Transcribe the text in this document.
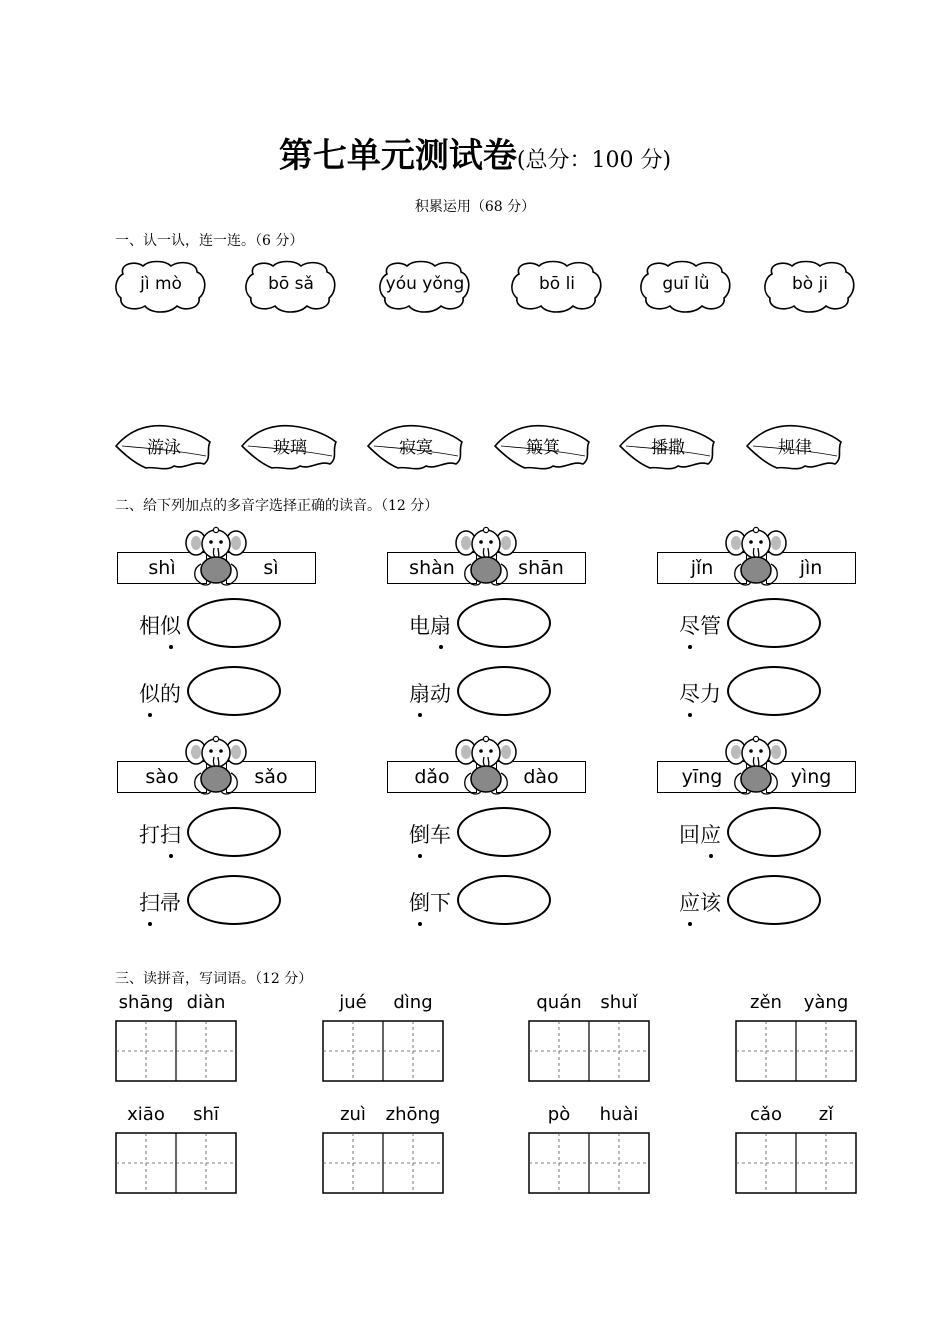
第七单元测试卷(总分：100 分)
积累运用（68 分）
一、认一认，连一连。（6 分）
jì mò	bō sǎ	yóu yǒng	bō li	guī lǜ	bò ji
游泳	玻璃	寂寞	簸箕	播撒	规律
二、给下列加点的多音字选择正确的读音。（12 分）
shì	sì
相似
似的
shàn	shān
电扇
扇动
jǐn	jìn
尽管
尽力
sào	sǎo
打扫
扫帚
dǎo	dào
倒车
倒下
yīng	yìng
回应
应该
三、读拼音，写词语。（12 分）
shāng diàn	jué	dìng	quán	shuǐ	zěn	yàng
xiāo	shī	zuì	zhōng	pò	huài	cǎo	zǐ
